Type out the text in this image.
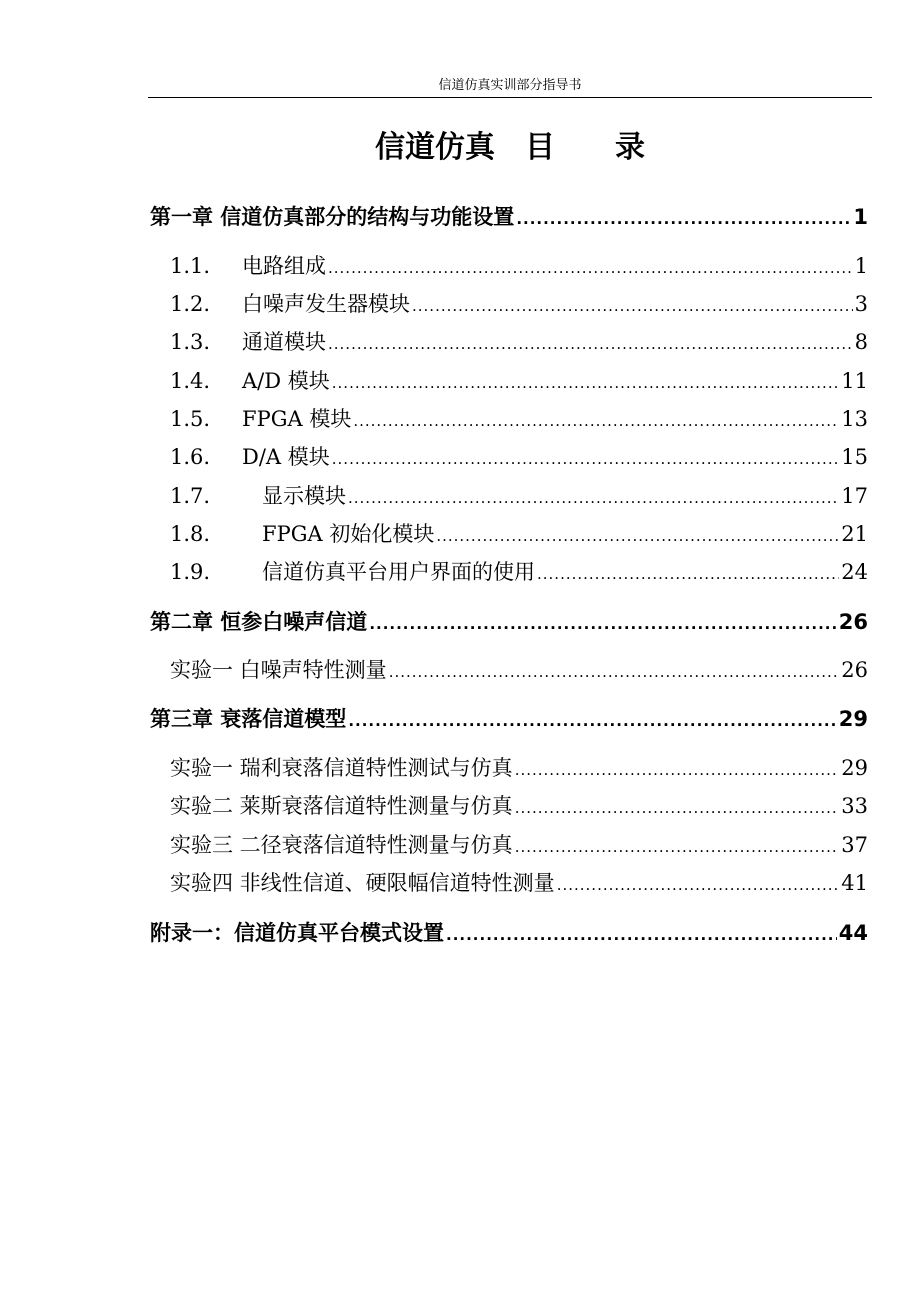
信道仿真实训部分指导书
信道仿真　目　　录
第一章 信道仿真部分的结构与功能设置 .....	1
1.1.	电路组成 .....	1
1.2.	白噪声发生器模块 .....	3
1.3.	通道模块 .....	8
1.4.	A/D 模块 .....	11
1.5.	FPGA 模块 .....	13
1.6.	D/A 模块 .....	15
1.7.	显示模块 .....	17
1.8.	FPGA 初始化模块 .....	21
1.9.	信道仿真平台用户界面的使用 .....	24
第二章 恒参白噪声信道 .....	26
实验一 白噪声特性测量 .....	26
第三章 衰落信道模型 .....	29
实验一 瑞利衰落信道特性测试与仿真 .....	29
实验二 莱斯衰落信道特性测量与仿真 .....	33
实验三 二径衰落信道特性测量与仿真 .....	37
实验四 非线性信道、硬限幅信道特性测量 .....	41
附录一：信道仿真平台模式设置 .....	44
